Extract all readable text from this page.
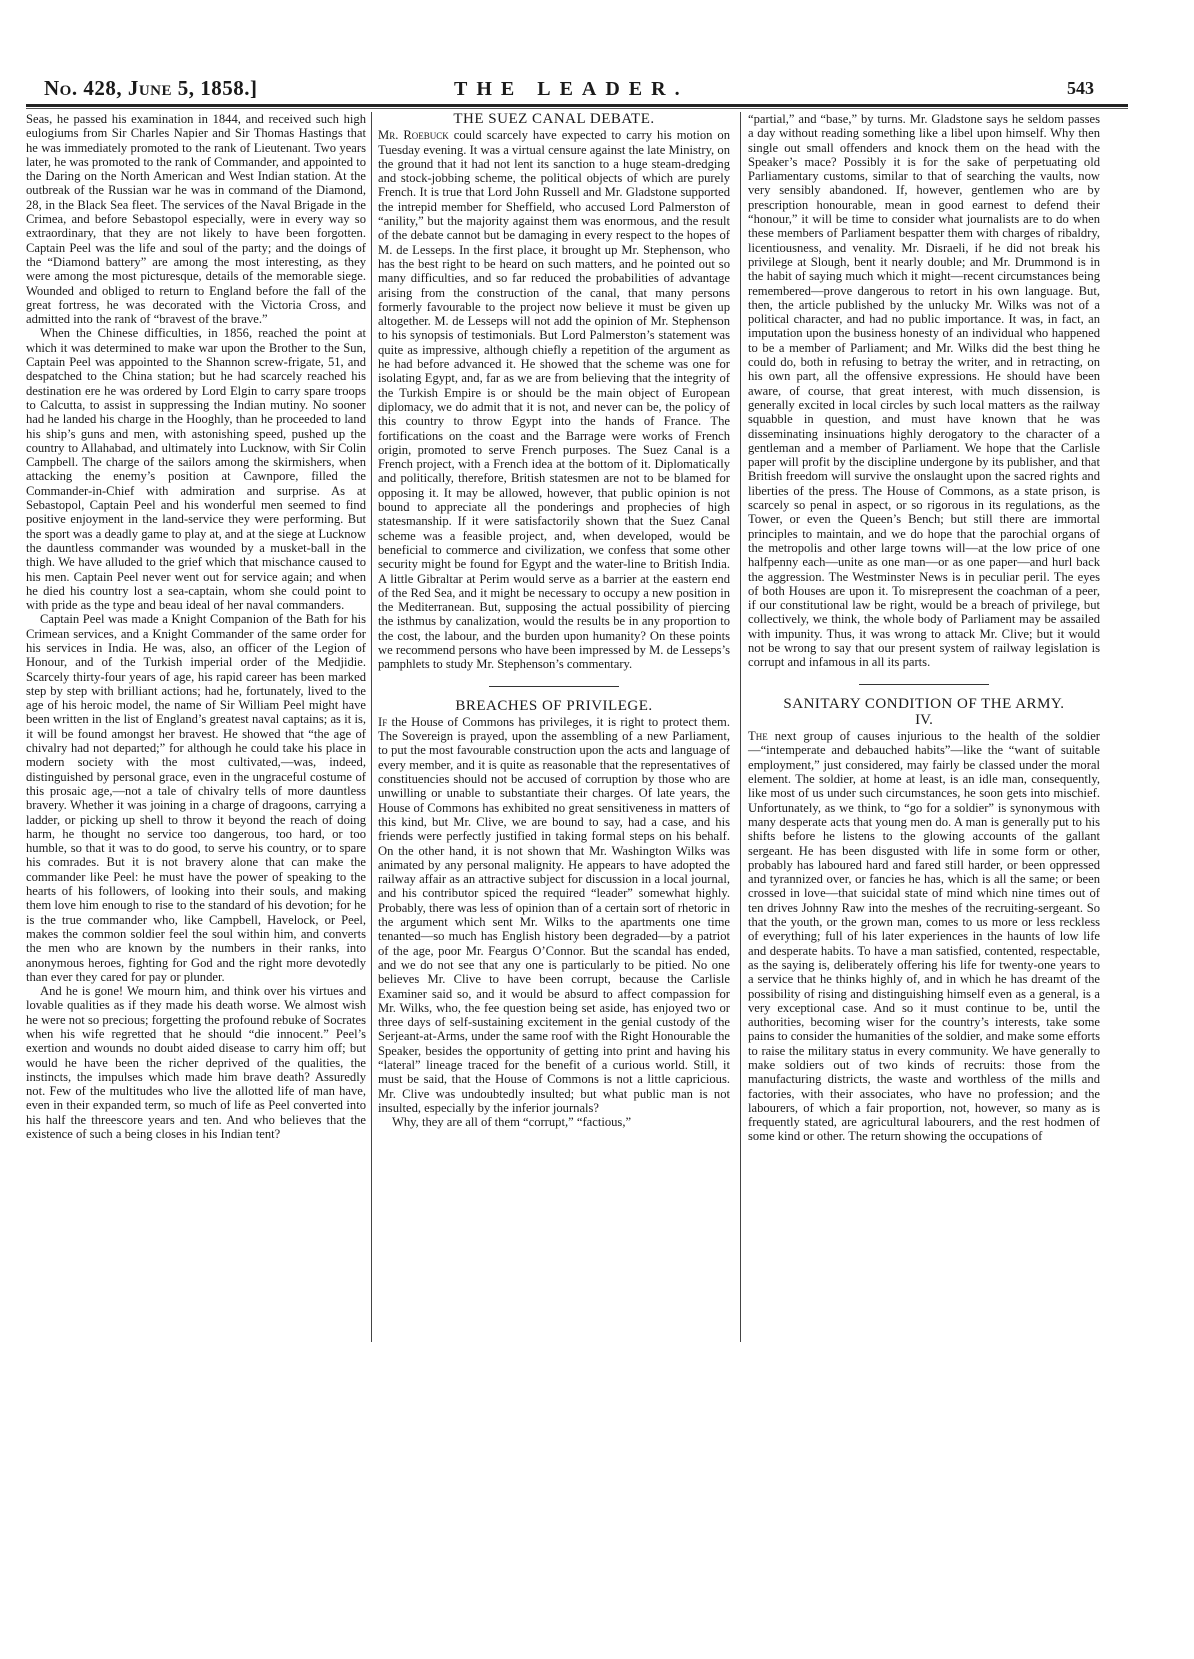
No. 428, June 5, 1858.]	THE LEADER.	543

Seas, he passed his examination in 1844, and received such high eulogiums from Sir Charles Napier and Sir Thomas Hastings that he was immediately promoted to the rank of Lieutenant. Two years later, he was promoted to the rank of Commander, and appointed to the Daring on the North American and West Indian station. At the outbreak of the Russian war he was in command of the Diamond, 28, in the Black Sea fleet. The services of the Naval Brigade in the Crimea, and before Sebastopol especially, were in every way so extraordinary, that they are not likely to have been forgotten. Captain Peel was the life and soul of the party; and the doings of the “Diamond battery” are among the most interesting, as they were among the most picturesque, details of the memorable siege. Wounded and obliged to return to England before the fall of the great fortress, he was decorated with the Victoria Cross, and admitted into the rank of “bravest of the brave.”

When the Chinese difficulties, in 1856, reached the point at which it was determined to make war upon the Brother to the Sun, Captain Peel was appointed to the Shannon screw-frigate, 51, and despatched to the China station; but he had scarcely reached his destination ere he was ordered by Lord Elgin to carry spare troops to Calcutta, to assist in suppressing the Indian mutiny. No sooner had he landed his charge in the Hooghly, than he proceeded to land his ship’s guns and men, with astonishing speed, pushed up the country to Allahabad, and ultimately into Lucknow, with Sir Colin Campbell. The charge of the sailors among the skirmishers, when attacking the enemy’s position at Cawnpore, filled the Commander-in-Chief with admiration and surprise. As at Sebastopol, Captain Peel and his wonderful men seemed to find positive enjoyment in the land-service they were performing. But the sport was a deadly game to play at, and at the siege at Lucknow the dauntless commander was wounded by a musket-ball in the thigh. We have alluded to the grief which that mischance caused to his men. Captain Peel never went out for service again; and when he died his country lost a sea-captain, whom she could point to with pride as the type and beau ideal of her naval commanders.

Captain Peel was made a Knight Companion of the Bath for his Crimean services, and a Knight Commander of the same order for his services in India. He was, also, an officer of the Legion of Honour, and of the Turkish imperial order of the Medjidie. Scarcely thirty-four years of age, his rapid career has been marked step by step with brilliant actions; had he, fortunately, lived to the age of his heroic model, the name of Sir William Peel might have been written in the list of England’s greatest naval captains; as it is, it will be found amongst her bravest. He showed that “the age of chivalry had not departed;” for although he could take his place in modern society with the most cultivated,—was, indeed, distinguished by personal grace, even in the ungraceful costume of this prosaic age,—not a tale of chivalry tells of more dauntless bravery. Whether it was joining in a charge of dragoons, carrying a ladder, or picking up shell to throw it beyond the reach of doing harm, he thought no service too dangerous, too hard, or too humble, so that it was to do good, to serve his country, or to spare his comrades. But it is not bravery alone that can make the commander like Peel: he must have the power of speaking to the hearts of his followers, of looking into their souls, and making them love him enough to rise to the standard of his devotion; for he is the true commander who, like Campbell, Havelock, or Peel, makes the common soldier feel the soul within him, and converts the men who are known by the numbers in their ranks, into anonymous heroes, fighting for God and the right more devotedly than ever they cared for pay or plunder.

And he is gone! We mourn him, and think over his virtues and lovable qualities as if they made his death worse. We almost wish he were not so precious; forgetting the profound rebuke of Socrates when his wife regretted that he should “die innocent.” Peel’s exertion and wounds no doubt aided disease to carry him off; but would he have been the richer deprived of the qualities, the instincts, the impulses which made him brave death? Assuredly not. Few of the multitudes who live the allotted life of man have, even in their expanded term, so much of life as Peel converted into his half the threescore years and ten. And who believes that the existence of such a being closes in his Indian tent?

THE SUEZ CANAL DEBATE.

Mr. Roebuck could scarcely have expected to carry his motion on Tuesday evening. It was a virtual censure against the late Ministry, on the ground that it had not lent its sanction to a huge steam-dredging and stock-jobbing scheme, the political objects of which are purely French. It is true that Lord John Russell and Mr. Gladstone supported the intrepid member for Sheffield, who accused Lord Palmerston of “anility,” but the majority against them was enormous, and the result of the debate cannot but be damaging in every respect to the hopes of M. de Lesseps. In the first place, it brought up Mr. Stephenson, who has the best right to be heard on such matters, and he pointed out so many difficulties, and so far reduced the probabilities of advantage arising from the construction of the canal, that many persons formerly favourable to the project now believe it must be given up altogether. M. de Lesseps will not add the opinion of Mr. Stephenson to his synopsis of testimonials. But Lord Palmerston’s statement was quite as impressive, although chiefly a repetition of the argument as he had before advanced it. He showed that the scheme was one for isolating Egypt, and, far as we are from believing that the integrity of the Turkish Empire is or should be the main object of European diplomacy, we do admit that it is not, and never can be, the policy of this country to throw Egypt into the hands of France. The fortifications on the coast and the Barrage were works of French origin, promoted to serve French purposes. The Suez Canal is a French project, with a French idea at the bottom of it. Diplomatically and politically, therefore, British statesmen are not to be blamed for opposing it. It may be allowed, however, that public opinion is not bound to appreciate all the ponderings and prophecies of high statesmanship. If it were satisfactorily shown that the Suez Canal scheme was a feasible project, and, when developed, would be beneficial to commerce and civilization, we confess that some other security might be found for Egypt and the water-line to British India. A little Gibraltar at Perim would serve as a barrier at the eastern end of the Red Sea, and it might be necessary to occupy a new position in the Mediterranean. But, supposing the actual possibility of piercing the isthmus by canalization, would the results be in any proportion to the cost, the labour, and the burden upon humanity? On these points we recommend persons who have been impressed by M. de Lesseps’s pamphlets to study Mr. Stephenson’s commentary.

BREACHES OF PRIVILEGE.

If the House of Commons has privileges, it is right to protect them. The Sovereign is prayed, upon the assembling of a new Parliament, to put the most favourable construction upon the acts and language of every member, and it is quite as reasonable that the representatives of constituencies should not be accused of corruption by those who are unwilling or unable to substantiate their charges. Of late years, the House of Commons has exhibited no great sensitiveness in matters of this kind, but Mr. Clive, we are bound to say, had a case, and his friends were perfectly justified in taking formal steps on his behalf. On the other hand, it is not shown that Mr. Washington Wilks was animated by any personal malignity. He appears to have adopted the railway affair as an attractive subject for discussion in a local journal, and his contributor spiced the required “leader” somewhat highly. Probably, there was less of opinion than of a certain sort of rhetoric in the argument which sent Mr. Wilks to the apartments one time tenanted—so much has English history been degraded—by a patriot of the age, poor Mr. Feargus O’Connor. But the scandal has ended, and we do not see that any one is particularly to be pitied. No one believes Mr. Clive to have been corrupt, because the Carlisle Examiner said so, and it would be absurd to affect compassion for Mr. Wilks, who, the fee question being set aside, has enjoyed two or three days of self-sustaining excitement in the genial custody of the Serjeant-at-Arms, under the same roof with the Right Honourable the Speaker, besides the opportunity of getting into print and having his “lateral” lineage traced for the benefit of a curious world. Still, it must be said, that the House of Commons is not a little capricious. Mr. Clive was undoubtedly insulted; but what public man is not insulted, especially by the inferior journals?

Why, they are all of them “corrupt,” “factious,”

“partial,” and “base,” by turns. Mr. Gladstone says he seldom passes a day without reading something like a libel upon himself. Why then single out small offenders and knock them on the head with the Speaker’s mace? Possibly it is for the sake of perpetuating old Parliamentary customs, similar to that of searching the vaults, now very sensibly abandoned. If, however, gentlemen who are by prescription honourable, mean in good earnest to defend their “honour,” it will be time to consider what journalists are to do when these members of Parliament bespatter them with charges of ribaldry, licentiousness, and venality. Mr. Disraeli, if he did not break his privilege at Slough, bent it nearly double; and Mr. Drummond is in the habit of saying much which it might—recent circumstances being remembered—prove dangerous to retort in his own language. But, then, the article published by the unlucky Mr. Wilks was not of a political character, and had no public importance. It was, in fact, an imputation upon the business honesty of an individual who happened to be a member of Parliament; and Mr. Wilks did the best thing he could do, both in refusing to betray the writer, and in retracting, on his own part, all the offensive expressions. He should have been aware, of course, that great interest, with much dissension, is generally excited in local circles by such local matters as the railway squabble in question, and must have known that he was disseminating insinuations highly derogatory to the character of a gentleman and a member of Parliament. We hope that the Carlisle paper will profit by the discipline undergone by its publisher, and that British freedom will survive the onslaught upon the sacred rights and liberties of the press. The House of Commons, as a state prison, is scarcely so penal in aspect, or so rigorous in its regulations, as the Tower, or even the Queen’s Bench; but still there are immortal principles to maintain, and we do hope that the parochial organs of the metropolis and other large towns will—at the low price of one halfpenny each—unite as one man—or as one paper—and hurl back the aggression. The Westminster News is in peculiar peril. The eyes of both Houses are upon it. To misrepresent the coachman of a peer, if our constitutional law be right, would be a breach of privilege, but collectively, we think, the whole body of Parliament may be assailed with impunity. Thus, it was wrong to attack Mr. Clive; but it would not be wrong to say that our present system of railway legislation is corrupt and infamous in all its parts.

SANITARY CONDITION OF THE ARMY.
IV.

The next group of causes injurious to the health of the soldier—“intemperate and debauched habits”—like the “want of suitable employment,” just considered, may fairly be classed under the moral element. The soldier, at home at least, is an idle man, consequently, like most of us under such circumstances, he soon gets into mischief. Unfortunately, as we think, to “go for a soldier” is synonymous with many desperate acts that young men do. A man is generally put to his shifts before he listens to the glowing accounts of the gallant sergeant. He has been disgusted with life in some form or other, probably has laboured hard and fared still harder, or been oppressed and tyrannized over, or fancies he has, which is all the same; or been crossed in love—that suicidal state of mind which nine times out of ten drives Johnny Raw into the meshes of the recruiting-sergeant. So that the youth, or the grown man, comes to us more or less reckless of everything; full of his later experiences in the haunts of low life and desperate habits. To have a man satisfied, contented, respectable, as the saying is, deliberately offering his life for twenty-one years to a service that he thinks highly of, and in which he has dreamt of the possibility of rising and distinguishing himself even as a general, is a very exceptional case. And so it must continue to be, until the authorities, becoming wiser for the country’s interests, take some pains to consider the humanities of the soldier, and make some efforts to raise the military status in every community. We have generally to make soldiers out of two kinds of recruits: those from the manufacturing districts, the waste and worthless of the mills and factories, with their associates, who have no profession; and the labourers, of which a fair proportion, not, however, so many as is frequently stated, are agricultural labourers, and the rest hodmen of some kind or other. The return showing the occupations of
